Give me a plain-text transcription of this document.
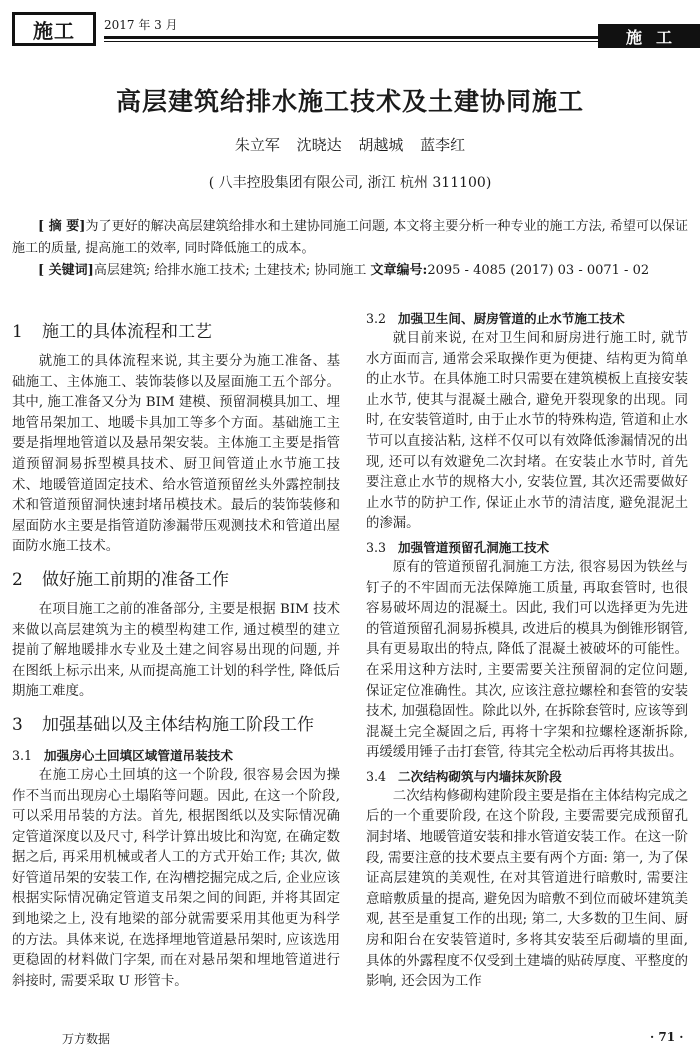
施工	2017 年 3 月
施工
高层建筑给排水施工技术及土建协同施工
朱立军 沈晓达 胡越城 蓝李红
( 八丰控股集团有限公司, 浙江 杭州 311100)

[ 摘 要]为了更好的解决高层建筑给排水和土建协同施工问题, 本文将主要分析一种专业的施工方法, 希望可以保证施工的质量, 提高施工的效率, 同时降低施工的成本。

[ 关键词]高层建筑; 给排水施工技术; 土建技术; 协同施工 文章编号:2095 - 4085 (2017) 03 - 0071 - 02

1 施工的具体流程和工艺

就施工的具体流程来说, 其主要分为施工准备、基础施工、主体施工、装饰装修以及屋面施工五个部分。其中, 施工准备又分为 BIM 建模、预留洞模具加工、埋地管吊架加工、地暖卡具加工等多个方面。基础施工主要是指埋地管道以及悬吊架安装。主体施工主要是指管道预留洞易拆型模具技术、厨卫间管道止水节施工技术、地暖管道固定技术、给水管道预留丝头外露控制技术和管道预留洞快速封堵吊模技术。最后的装饰装修和屋面防水主要是指管道防渗漏带压观测技术和管道出屋面防水施工技术。

2 做好施工前期的准备工作

在项目施工之前的准备部分, 主要是根据 BIM 技术来做以高层建筑为主的模型构建工作, 通过模型的建立提前了解地暖排水专业及土建之间容易出现的问题, 并在图纸上标示出来, 从而提高施工计划的科学性, 降低后期施工难度。

3 加强基础以及主体结构施工阶段工作
3.1 加强房心土回填区域管道吊装技术

在施工房心土回填的这一个阶段, 很容易会因为操作不当而出现房心土塌陷等问题。因此, 在这一个阶段, 可以采用吊装的方法。首先, 根据图纸以及实际情况确定管道深度以及尺寸, 科学计算出坡比和沟宽, 在确定数据之后, 再采用机械或者人工的方式开始工作; 其次, 做好管道吊架的安装工作, 在沟槽挖掘完成之后, 企业应该根据实际情况确定管道支吊架之间的间距, 并将其固定到地梁之上, 没有地梁的部分就需要采用其他更为科学的方法。具体来说, 在选择埋地管道悬吊架时, 应该选用更稳固的材料做门字架, 而在对悬吊架和埋地管道进行斜接时, 需要采取 U 形管卡。

3.2 加强卫生间、厨房管道的止水节施工技术

就目前来说, 在对卫生间和厨房进行施工时, 就节水方面而言, 通常会采取操作更为便捷、结构更为简单的止水节。在具体施工时只需要在建筑模板上直接安装止水节, 使其与混凝土融合, 避免开裂现象的出现。同时, 在安装管道时, 由于止水节的特殊构造, 管道和止水节可以直接沾粘, 这样不仅可以有效降低渗漏情况的出现, 还可以有效避免二次封堵。在安装止水节时, 首先要注意止水节的规格大小, 安装位置, 其次还需要做好止水节的防护工作, 保证止水节的清洁度, 避免混泥土的渗漏。

3.3 加强管道预留孔洞施工技术

原有的管道预留孔洞施工方法, 很容易因为铁丝与钉子的不牢固而无法保障施工质量, 再取套管时, 也很容易破坏周边的混凝土。因此, 我们可以选择更为先进的管道预留孔洞易拆模具, 改进后的模具为倒锥形钢管, 具有更易取出的特点, 降低了混凝土被破坏的可能性。在采用这种方法时, 主要需要关注预留洞的定位问题, 保证定位准确性。其次, 应该注意拉螺栓和套管的安装技术, 加强稳固性。除此以外, 在拆除套管时, 应该等到混凝土完全凝固之后, 再将十字架和拉螺栓逐渐拆除, 再缓缓用锤子击打套管, 待其完全松动后再将其拔出。

3.4 二次结构砌筑与内墙抹灰阶段

二次结构修砌构建阶段主要是指在主体结构完成之后的一个重要阶段, 在这个阶段, 主要需要完成预留孔洞封堵、地暖管道安装和排水管道安装工作。在这一阶段, 需要注意的技术要点主要有两个方面: 第一, 为了保证高层建筑的美观性, 在对其管道进行暗敷时, 需要注意暗敷质量的提高, 避免因为暗敷不到位而破坏建筑美观, 甚至是重复工作的出现; 第二, 大多数的卫生间、厨房和阳台在安装管道时, 多将其安装至后砌墙的里面, 具体的外露程度不仅受到土建墙的贴砖厚度、平整度的影响, 还会因为工作

万方数据	· 71 ·
